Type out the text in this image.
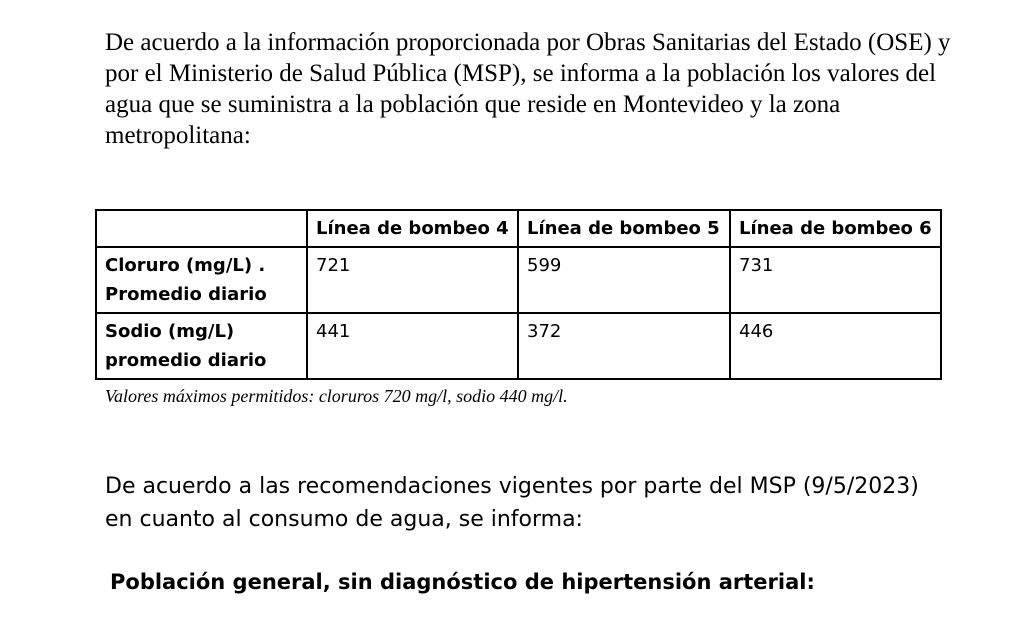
De acuerdo a la información proporcionada por Obras Sanitarias del Estado (OSE) y por el Ministerio de Salud Pública (MSP), se informa a la población los valores del agua que se suministra a la población que reside en Montevideo y la zona metropolitana:

	Línea de bombeo 4	Línea de bombeo 5	Línea de bombeo 6
Cloruro (mg/L) .
Promedio diario	721	599	731
Sodio (mg/L)
promedio diario	441	372	446

Valores máximos permitidos: cloruros 720 mg/l, sodio 440 mg/l.

De acuerdo a las recomendaciones vigentes por parte del MSP (9/5/2023)
en cuanto al consumo de agua, se informa:

Población general, sin diagnóstico de hipertensión arterial:
